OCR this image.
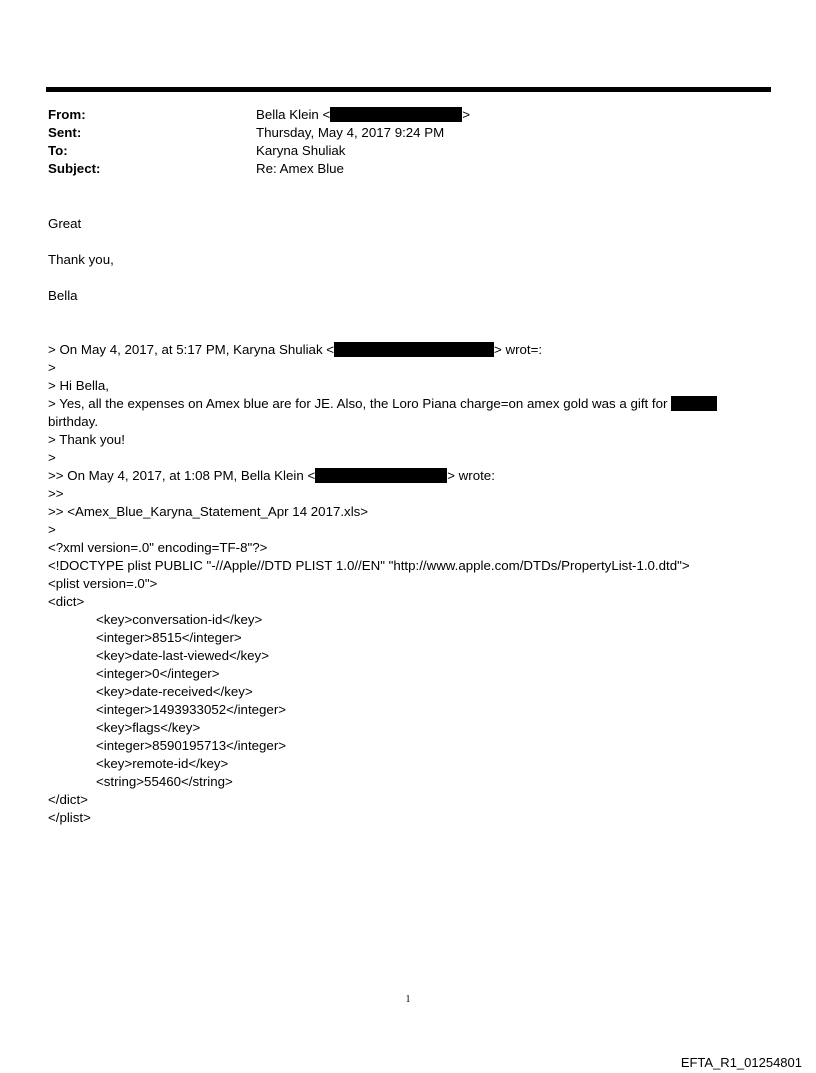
From:	Bella Klein <	>
Sent:	Thursday, May 4, 2017 9:24 PM
To:	Karyna Shuliak
Subject:	Re: Amex Blue
Great
Thank you,
Bella
> On May 4, 2017, at 5:17 PM, Karyna Shuliak <	> wrot=:
>
> Hi Bella,
> Yes, all the expenses on Amex blue are for JE. Also, the Loro Piana charge=on amex gold was a gift for
birthday.
> Thank you!
>
>> On May 4, 2017, at 1:08 PM, Bella Klein <	> wrote:
>>
>> <Amex_Blue_Karyna_Statement_Apr 14 2017.xls>
>
<?xml version=.0" encoding=TF-8"?>
<!DOCTYPE plist PUBLIC "-//Apple//DTD PLIST 1.0//EN" "http://www.apple.com/DTDs/PropertyList-1.0.dtd">
<plist version=.0">
<dict>
<key>conversation-id</key>
<integer>8515</integer>
<key>date-last-viewed</key>
<integer>0</integer>
<key>date-received</key>
<integer>1493933052</integer>
<key>flags</key>
<integer>8590195713</integer>
<key>remote-id</key>
<string>55460</string>
</dict>
</plist>
1
EFTA_R1_01254801
